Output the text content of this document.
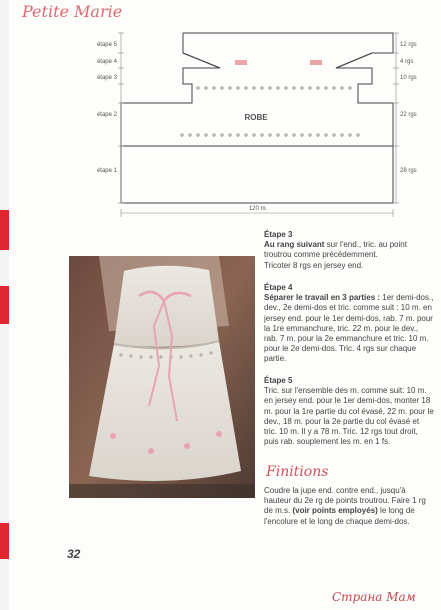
Petite Marie
étape 5
étape 4
étape 3
étape 2
étape 1
12 rgs
4 rgs
10 rgs
22 rgs
28 rgs
ROBE
120 m.

Étape 3

Au rang suivant sur l'end., tric. au point troutrou comme précédemment.

Tricoter 8 rgs en jersey end.

Étape 4

Séparer le travail en 3 parties : 1er demi-dos., dev., 2e demi-dos et tric. comme suit : 10 m. en jersey end. pour le 1er demi-dos, rab. 7 m. pour la 1re emmanchure, tric. 22 m. pour le dev., rab. 7 m. pour la 2e emmanchure et tric. 10 m. pour le 2e demi-dos. Tric. 4 rgs sur chaque partie.

Étape 5

Tric. sur l'ensemble des m. comme suit: 10 m. en jersey end. pour le 1er demi-dos, monter 18 m. pour la 1re partie du col évasé, 22 m. pour le dev., 18 m. pour la 2e partie du col évasé et tric. 10 m. Il y a 78 m. Tric. 12 rgs tout droit, puis rab. souplement les m. en 1 fs.

Finitions

Coudre la jupe end. contre end., jusqu'à hauteur du 2e rg de points troutrou. Faire 1 rg de m.s. (voir points employés) le long de l'encolure et le long de chaque demi-dos.

32
Страна Мам
